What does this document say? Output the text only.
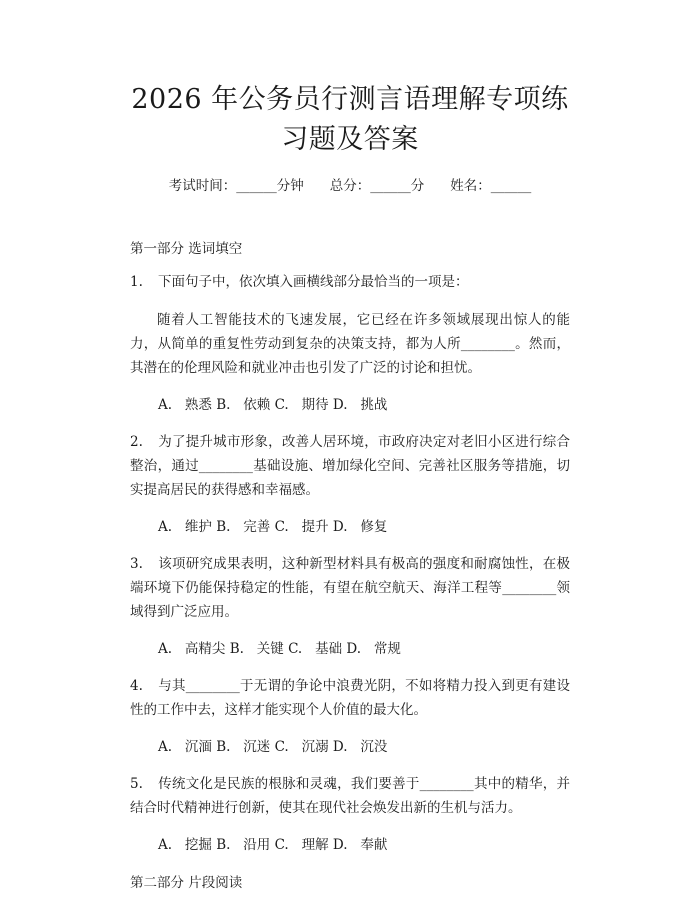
2026 年公务员行测言语理解专项练习题及答案
考试时间：______分钟 总分：______分 姓名：______
第一部分 选词填空

1. 下面句子中，依次填入画横线部分最恰当的一项是：

随着人工智能技术的飞速发展，它已经在许多领域展现出惊人的能力，从简单的重复性劳动到复杂的决策支持，都为人所________。然而，其潜在的伦理风险和就业冲击也引发了广泛的讨论和担忧。

A.   熟悉 B.   依赖 C.   期待 D.   挑战

2. 为了提升城市形象，改善人居环境，市政府决定对老旧小区进行综合整治，通过________基础设施、增加绿化空间、完善社区服务等措施，切实提高居民的获得感和幸福感。

A.   维护 B.   完善 C.   提升 D.   修复

3. 该项研究成果表明，这种新型材料具有极高的强度和耐腐蚀性，在极端环境下仍能保持稳定的性能，有望在航空航天、海洋工程等________领域得到广泛应用。

A.   高精尖 B.   关键 C.   基础 D.   常规

4. 与其________于无谓的争论中浪费光阴，不如将精力投入到更有建设性的工作中去，这样才能实现个人价值的最大化。

A.   沉湎 B.   沉迷 C.   沉溺 D.   沉没

5. 传统文化是民族的根脉和灵魂，我们要善于________其中的精华，并结合时代精神进行创新，使其在现代社会焕发出新的生机与活力。

A.   挖掘 B.   沿用 C.   理解 D.   奉献
第二部分 片段阅读
